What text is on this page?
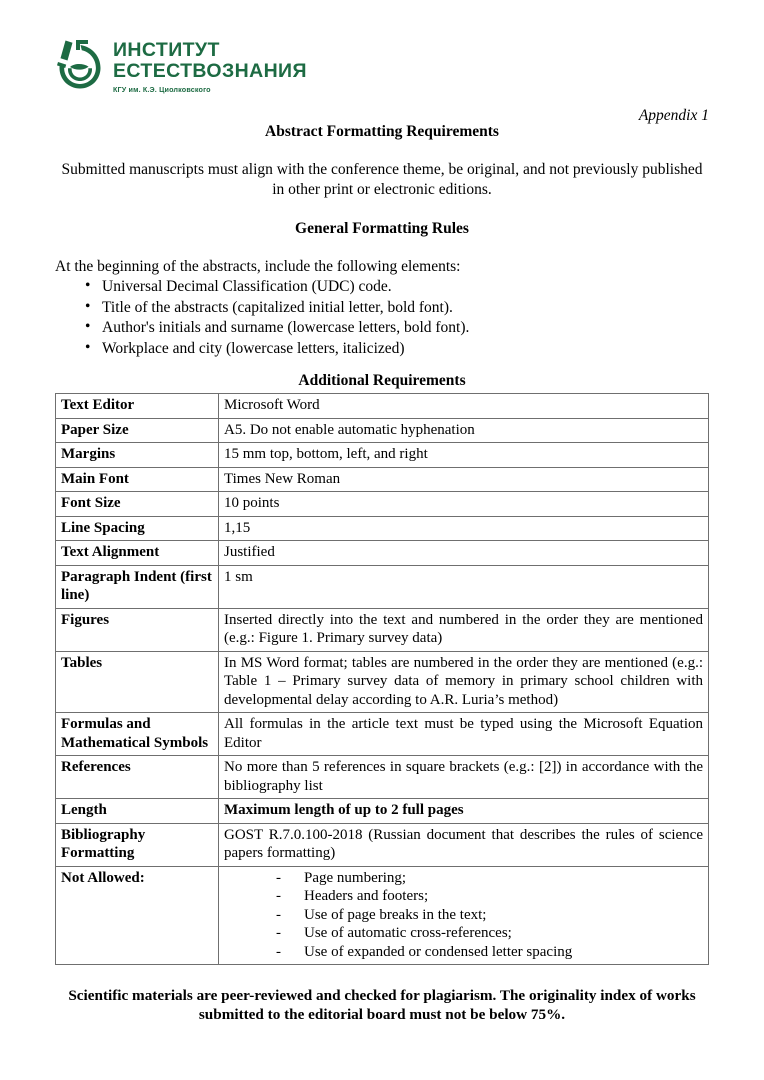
ИНСТИТУТ
ЕСТЕСТВОЗНАНИЯ
КГУ им. К.Э. Циолковского
Appendix 1
Abstract Formatting Requirements
Submitted manuscripts must align with the conference theme, be original, and not previously published in other print or electronic editions.
General Formatting Rules
At the beginning of the abstracts, include the following elements:
• Universal Decimal Classification (UDC) code.
• Title of the abstracts (capitalized initial letter, bold font).
• Author's initials and surname (lowercase letters, bold font).
• Workplace and city (lowercase letters, italicized)
Additional Requirements
Text Editor	Microsoft Word
Paper Size	A5. Do not enable automatic hyphenation
Margins	15 mm top, bottom, left, and right
Main Font	Times New Roman
Font Size	10 points
Line Spacing	1,15
Text Alignment	Justified
Paragraph Indent (first line)	1 sm
Figures	Inserted directly into the text and numbered in the order they are mentioned (e.g.: Figure 1. Primary survey data)
Tables	In MS Word format; tables are numbered in the order they are mentioned (e.g.: Table 1 – Primary survey data of memory in primary school children with developmental delay according to A.R. Luria’s method)
Formulas and Mathematical Symbols	All formulas in the article text must be typed using the Microsoft Equation Editor
References	No more than 5 references in square brackets (e.g.: [2]) in accordance with the bibliography list
Length	Maximum length of up to 2 full pages
Bibliography Formatting	GOST R.7.0.100-2018 (Russian document that describes the rules of science papers formatting)
Not Allowed:	- Page numbering;
- Headers and footers;
- Use of page breaks in the text;
- Use of automatic cross-references;
- Use of expanded or condensed letter spacing
Scientific materials are peer-reviewed and checked for plagiarism. The originality index of works submitted to the editorial board must not be below 75%.
